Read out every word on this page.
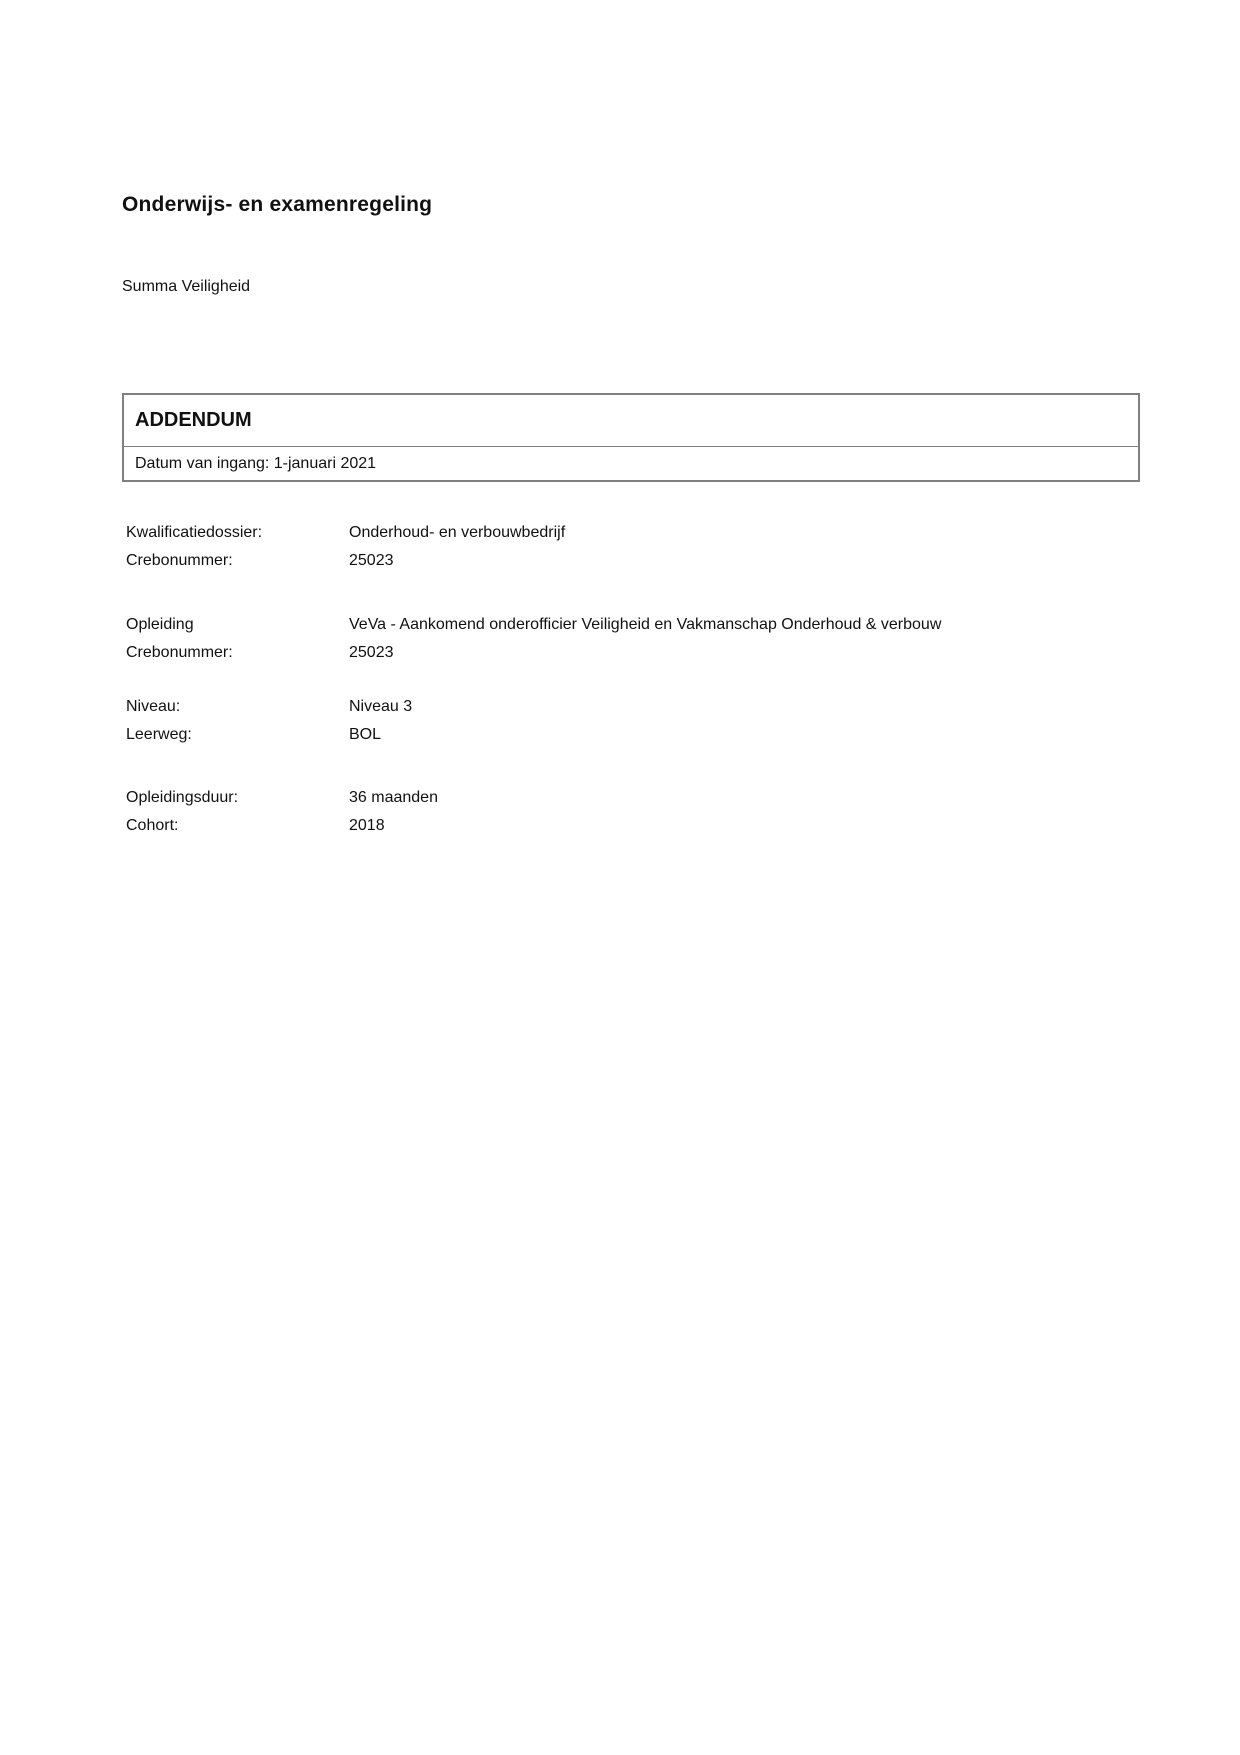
Onderwijs- en examenregeling
Summa Veiligheid
ADDENDUM
Datum van ingang: 1-januari 2021
Kwalificatiedossier:	Onderhoud- en verbouwbedrijf
Crebonummer:	25023
Opleiding	VeVa - Aankomend onderofficier Veiligheid en Vakmanschap Onderhoud & verbouw
Crebonummer:	25023
Niveau:	Niveau 3
Leerweg:	BOL
Opleidingsduur:	36 maanden
Cohort:	2018
